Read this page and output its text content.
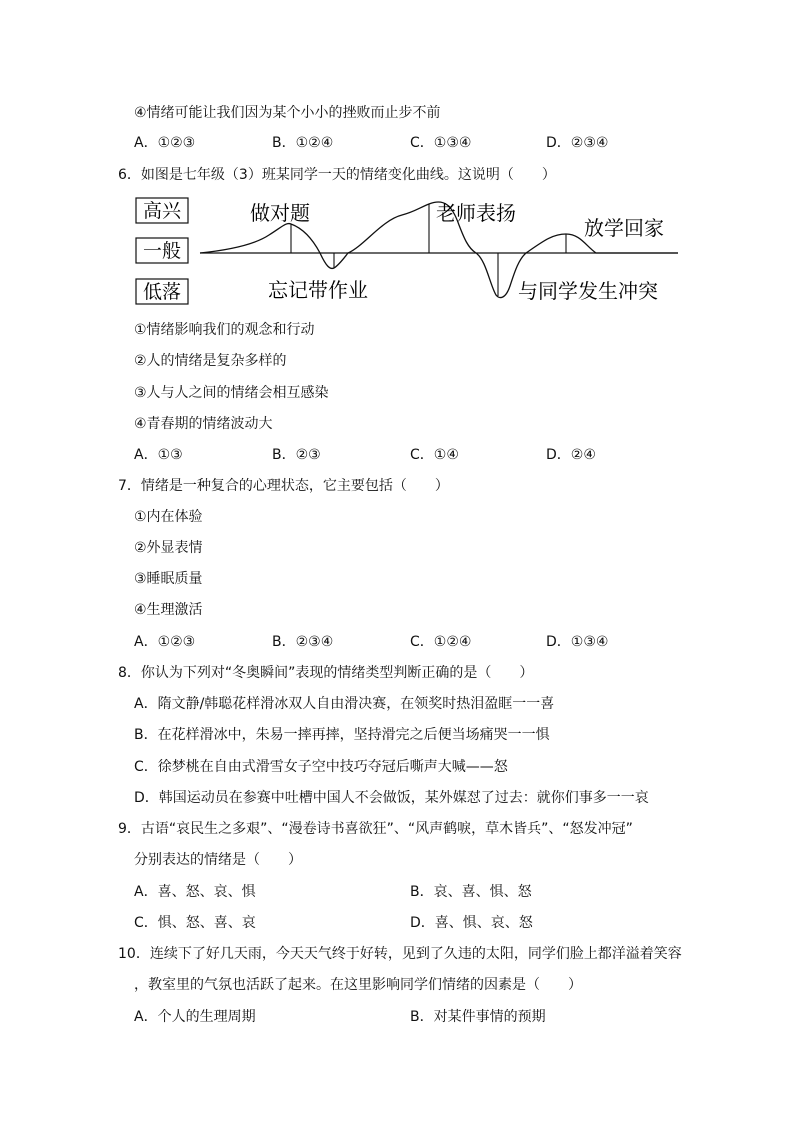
④情绪可能让我们因为某个小小的挫败而止步不前
A．①②③	B．①②④	C．①③④	D．②③④
6．如图是七年级（3）班某同学一天的情绪变化曲线。这说明（　　）
高兴
一般
低落
做对题	老师表扬
放学回家
忘记带作业	与同学发生冲突
①情绪影响我们的观念和行动
②人的情绪是复杂多样的
③人与人之间的情绪会相互感染
④青春期的情绪波动大
A．①③	B．②③	C．①④	D．②④
7．情绪是一种复合的心理状态，它主要包括（　　）
①内在体验
②外显表情
③睡眠质量
④生理激活
A．①②③	B．②③④	C．①②④	D．①③④
8．你认为下列对“冬奥瞬间”表现的情绪类型判断正确的是（　　）
A．隋文静/韩聪花样滑冰双人自由滑决赛，在领奖时热泪盈眶一一喜
B．在花样滑冰中，朱易一摔再摔，坚持滑完之后便当场痛哭一一惧
C．徐梦桃在自由式滑雪女子空中技巧夺冠后嘶声大喊——怒
D．韩国运动员在参赛中吐槽中国人不会做饭，某外媒怼了过去：就你们事多一一哀
9．古语“哀民生之多艰”、“漫卷诗书喜欲狂”、“风声鹤唳，草木皆兵”、“怒发冲冠”
分别表达的情绪是（　　）
A．喜、怒、哀、惧	B．哀、喜、惧、怒
C．惧、怒、喜、哀	D．喜、惧、哀、怒
10．连续下了好几天雨，今天天气终于好转，见到了久违的太阳，同学们脸上都洋溢着笑容
，教室里的气氛也活跃了起来。在这里影响同学们情绪的因素是（　　）
A．个人的生理周期	B．对某件事情的预期
